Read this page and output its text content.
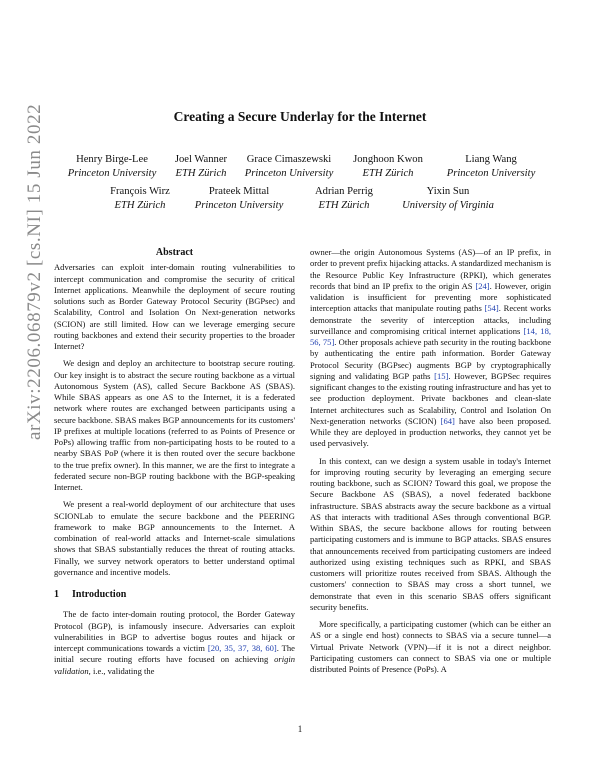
Creating a Secure Underlay for the Internet
Henry Birge-Lee
Princeton University
Joel Wanner
ETH Zürich
Grace Cimaszewski
Princeton University
Jonghoon Kwon
ETH Zürich
Liang Wang
Princeton University
François Wirz
ETH Zürich
Prateek Mittal
Princeton University
Adrian Perrig
ETH Zürich
Yixin Sun
University of Virginia
arXiv:2206.06879v2 [cs.NI] 15 Jun 2022	Abstract

Adversaries can exploit inter-domain routing vulnerabilities to intercept communication and compromise the security of critical Internet applications. Meanwhile the deployment of secure routing solutions such as Border Gateway Protocol Security (BGPsec) and Scalability, Control and Isolation On Next-generation networks (SCION) are still limited. How can we leverage emerging secure routing backbones and extend their security properties to the broader Internet?

We design and deploy an architecture to bootstrap secure routing. Our key insight is to abstract the secure routing backbone as a virtual Autonomous System (AS), called Secure Backbone AS (SBAS). While SBAS appears as one AS to the Internet, it is a federated network where routes are exchanged between participants using a secure backbone. SBAS makes BGP announcements for its customers' IP prefixes at multiple locations (referred to as Points of Presence or PoPs) allowing traffic from non-participating hosts to be routed to a nearby SBAS PoP (where it is then routed over the secure backbone to the true prefix owner). In this manner, we are the first to integrate a federated secure non-BGP routing backbone with the BGP-speaking Internet.

We present a real-world deployment of our architecture that uses SCIONLab to emulate the secure backbone and the PEERING framework to make BGP announcements to the Internet. A combination of real-world attacks and Internet-scale simulations shows that SBAS substantially reduces the threat of routing attacks. Finally, we survey network operators to better understand optimal governance and incentive models.

1 Introduction

The de facto inter-domain routing protocol, the Border Gateway Protocol (BGP), is infamously insecure. Adversaries can exploit vulnerabilities in BGP to advertise bogus routes and hijack or intercept communications towards a victim [20, 35, 37, 38, 60]. The initial secure routing efforts have focused on achieving origin validation, i.e., validating the

owner—the origin Autonomous Systems (AS)—of an IP prefix, in order to prevent prefix hijacking attacks. A standardized mechanism is the Resource Public Key Infrastructure (RPKI), which generates records that bind an IP prefix to the origin AS [24]. However, origin validation is insufficient for preventing more sophisticated interception attacks that manipulate routing paths [54]. Recent works demonstrate the severity of interception attacks, including surveillance and compromising critical internet applications [14, 18, 56, 75]. Other proposals achieve path security in the routing backbone by authenticating the entire path information. Border Gateway Protocol Security (BGPsec) augments BGP by cryptographically signing and validating BGP paths [15]. However, BGPSec requires significant changes to the existing routing infrastructure and has yet to see production deployment. Private backbones and clean-slate Internet architectures such as Scalability, Control and Isolation On Next-generation networks (SCION) [64] have also been proposed. While they are deployed in production networks, they cannot yet be used pervasively.

In this context, can we design a system usable in today's Internet for improving routing security by leveraging an emerging secure routing backbone, such as SCION? Toward this goal, we propose the Secure Backbone AS (SBAS), a novel federated backbone infrastructure. SBAS abstracts away the secure backbone as a virtual AS that interacts with traditional ASes through conventional BGP. Within SBAS, the secure backbone allows for routing between participating customers and is immune to BGP attacks. SBAS ensures that announcements received from participating customers are indeed authorized using existing techniques such as RPKI, and SBAS customers will prioritize routes received from SBAS. Although the customers' connection to SBAS may cross a short tunnel, we demonstrate that even in this scenario SBAS offers significant security benefits.

More specifically, a participating customer (which can be either an AS or a single end host) connects to SBAS via a secure tunnel—a Virtual Private Network (VPN)—if it is not a direct neighbor. Participating customers can connect to SBAS via one or multiple distributed Points of Presence (PoPs). A

1
